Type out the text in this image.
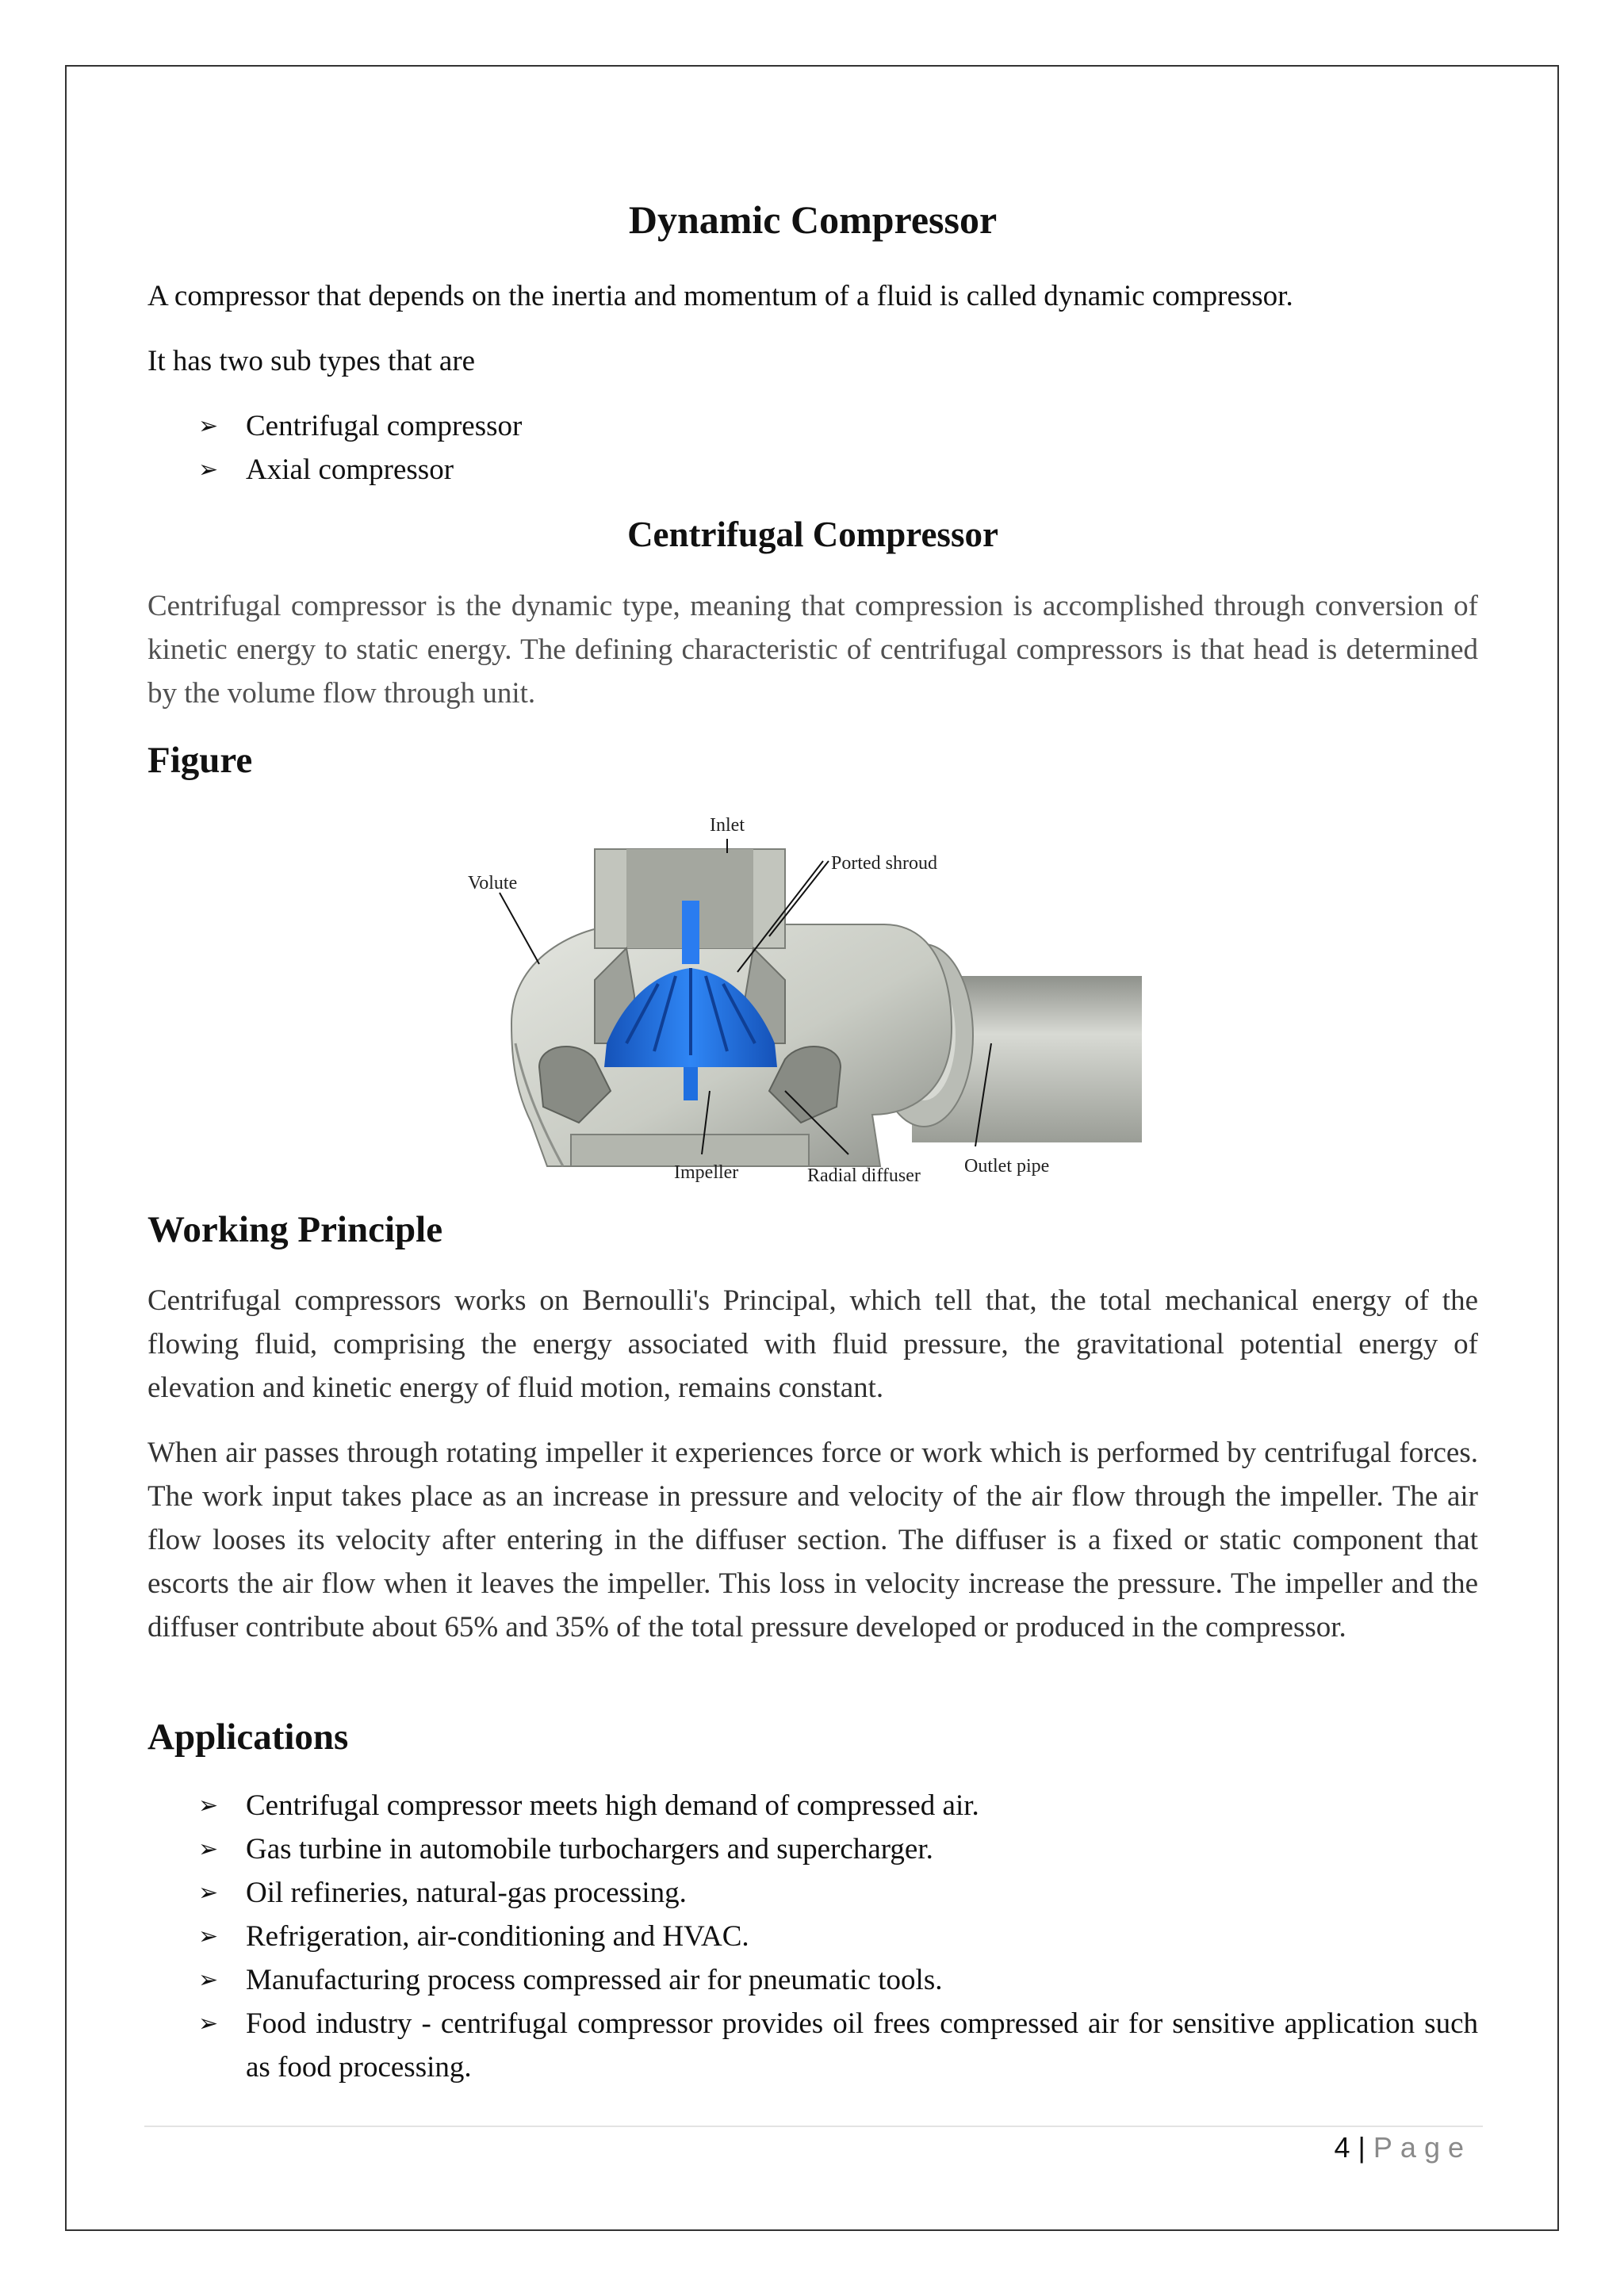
Dynamic Compressor

A compressor that depends on the inertia and momentum of a fluid is called dynamic compressor.

It has two sub types that are

➢ Centrifugal compressor
➢ Axial compressor
Centrifugal Compressor

Centrifugal compressor is the dynamic type, meaning that compression is accomplished through conversion of kinetic energy to static energy. The defining characteristic of centrifugal compressors is that head is determined by the volume flow through unit.

Figure
Inlet
Ported shroud
Volute
Impeller	Radial diffuser Outlet pipe
Working Principle

Centrifugal compressors works on Bernoulli's Principal, which tell that, the total mechanical energy of the flowing fluid, comprising the energy associated with fluid pressure, the gravitational potential energy of elevation and kinetic energy of fluid motion, remains constant.

When air passes through rotating impeller it experiences force or work which is performed by centrifugal forces. The work input takes place as an increase in pressure and velocity of the air flow through the impeller. The air flow looses its velocity after entering in the diffuser section. The diffuser is a fixed or static component that escorts the air flow when it leaves the impeller. This loss in velocity increase the pressure. The impeller and the diffuser contribute about 65% and 35% of the total pressure developed or produced in the compressor.

Applications
➢ Centrifugal compressor meets high demand of compressed air.
➢ Gas turbine in automobile turbochargers and supercharger.
➢ Oil refineries, natural-gas processing.
➢ Refrigeration, air-conditioning and HVAC.
➢ Manufacturing process compressed air for pneumatic tools.
➢ Food industry - centrifugal compressor provides oil frees compressed air for sensitive application such as food processing.
4 | Page
